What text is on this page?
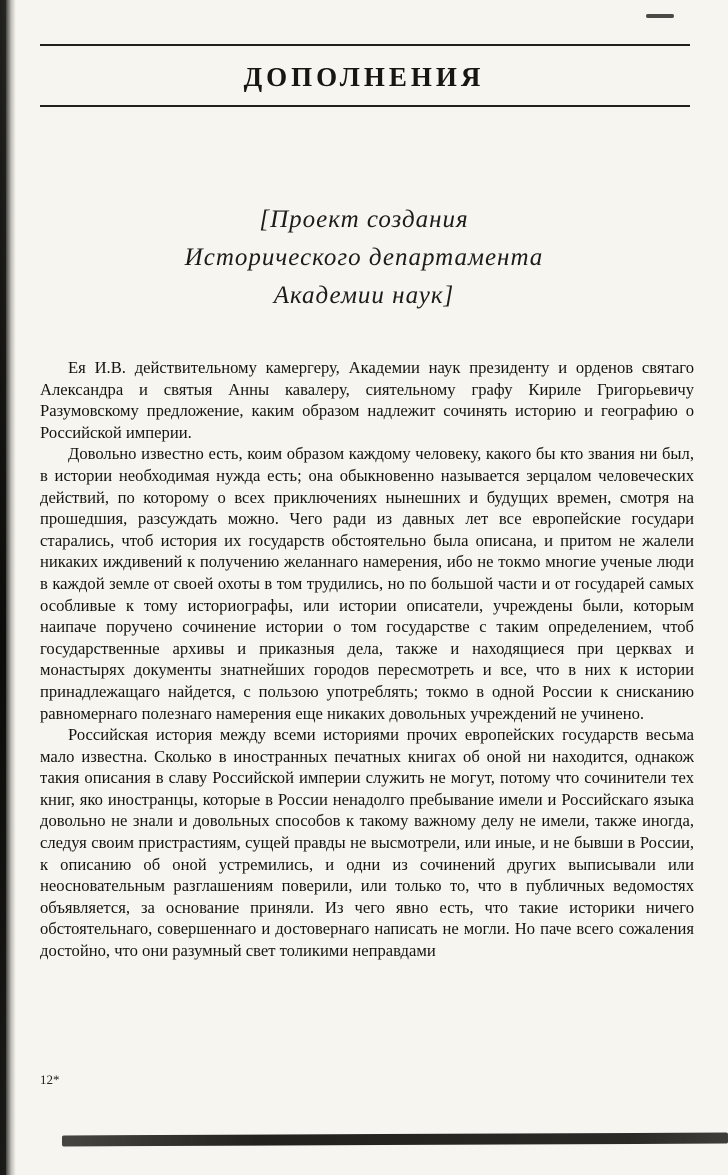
ДОПОЛНЕНИЯ
[Проект создания
Исторического департамента
Академии наук]

Ея И.В. действительному камергеру, Академии наук президенту и орденов святаго Александра и святыя Анны кавалеру, сиятельному графу Кириле Григорьевичу Разумовскому предложение, каким образом надлежит сочинять историю и географию о Российской империи.

Довольно известно есть, коим образом каждому человеку, какого бы кто звания ни был, в истории необходимая нужда есть; она обыкновенно называется зерцалом человеческих действий, по которому о всех приключениях нынешних и будущих времен, смотря на прошедшия, разсуждать можно. Чего ради из давных лет все европейские государи старались, чтоб история их государств обстоятельно была описана, и притом не жалели никаких иждивений к получению желаннаго намерения, ибо не токмо многие ученые люди в каждой земле от своей охоты в том трудились, но по большой части и от государей самых особливые к тому историографы, или истории описатели, учреждены были, которым наипаче поручено сочинение истории о том государстве с таким определением, чтоб государственные архивы и приказныя дела, также и находящиеся при церквах и монастырях документы знатнейших городов пересмотреть и все, что в них к истории принадлежащаго найдется, с пользою употреблять; токмо в одной России к снисканию равномернаго полезнаго намерения еще никаких довольных учреждений не учинено.

Российская история между всеми историями прочих европейских государств весьма мало известна. Сколько в иностранных печатных книгах об оной ни находится, однакож такия описания в славу Российской империи служить не могут, потому что сочинители тех книг, яко иностранцы, которые в России ненадолго пребывание имели и Российскаго языка довольно не знали и довольных способов к такому важному делу не имели, также иногда, следуя своим пристрастиям, сущей правды не высмотрели, или иные, и не бывши в России, к описанию об оной устремились, и одни из сочинений других выписывали или неосновательным разглашениям поверили, или только то, что в публичных ведомостях объявляется, за основание приняли. Из чего явно есть, что такие историки ничего обстоятельнаго, совершеннаго и достовернаго написать не могли. Но паче всего сожаления достойно, что они разумный свет толикими неправдами

12*
